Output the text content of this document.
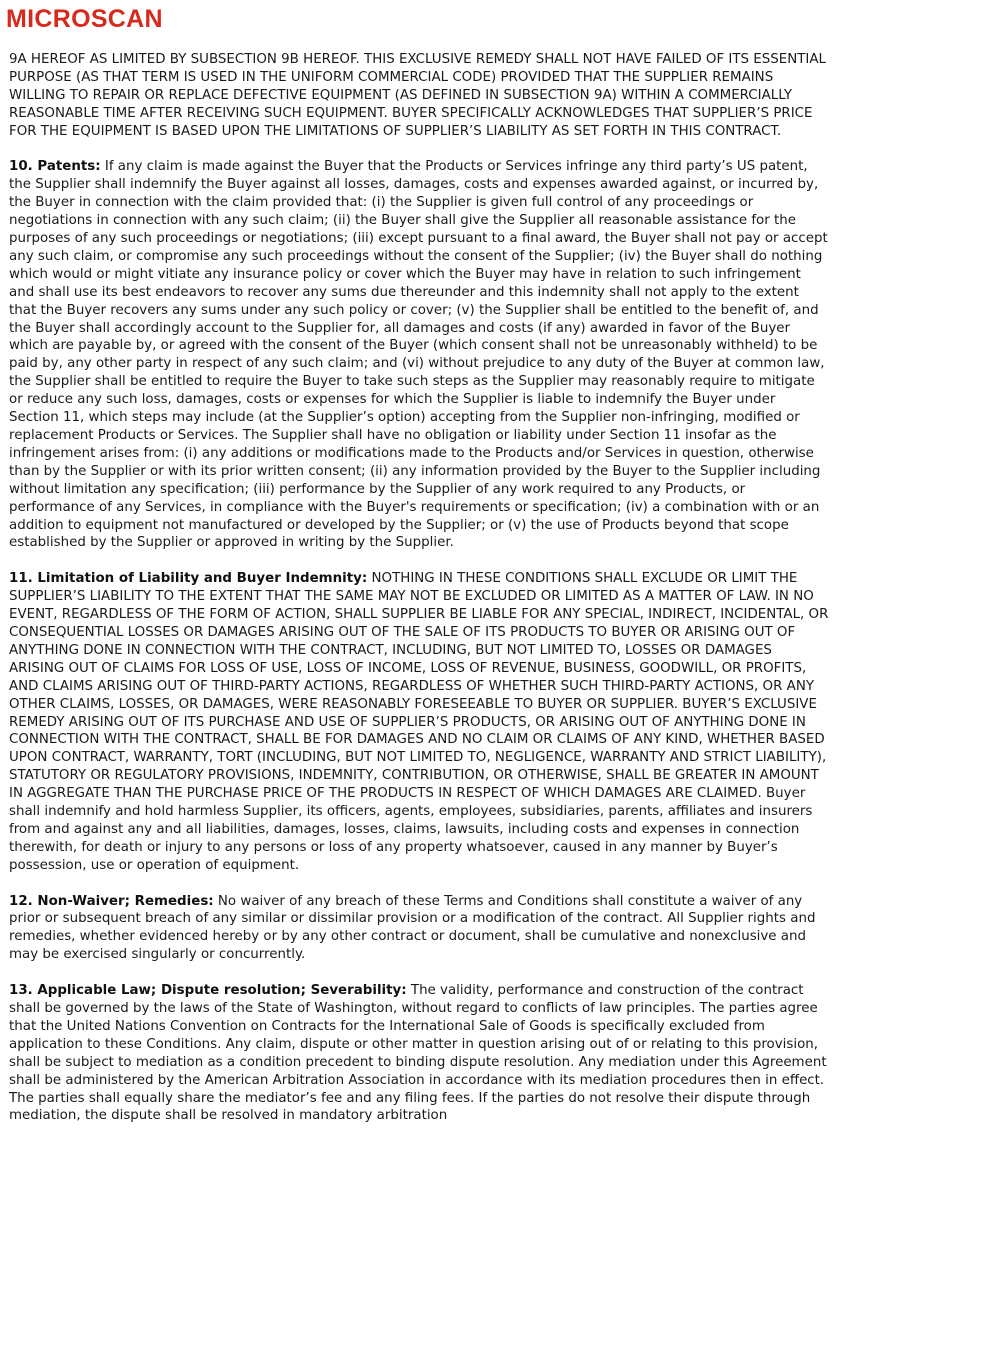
MICROSCAN

9A HEREOF AS LIMITED BY SUBSECTION 9B HEREOF. THIS EXCLUSIVE REMEDY SHALL NOT HAVE FAILED OF ITS ESSENTIAL PURPOSE (AS THAT TERM IS USED IN THE UNIFORM COMMERCIAL CODE) PROVIDED THAT THE SUPPLIER REMAINS WILLING TO REPAIR OR REPLACE DEFECTIVE EQUIPMENT (AS DEFINED IN SUBSECTION 9A) WITHIN A COMMERCIALLY REASONABLE TIME AFTER RECEIVING SUCH EQUIPMENT. BUYER SPECIFICALLY ACKNOWLEDGES THAT SUPPLIER’S PRICE FOR THE EQUIPMENT IS BASED UPON THE LIMITATIONS OF SUPPLIER’S LIABILITY AS SET FORTH IN THIS CONTRACT.

10. Patents: If any claim is made against the Buyer that the Products or Services infringe any third party’s US patent, the Supplier shall indemnify the Buyer against all losses, damages, costs and expenses awarded against, or incurred by, the Buyer in connection with the claim provided that: (i) the Supplier is given full control of any proceedings or negotiations in connection with any such claim; (ii) the Buyer shall give the Supplier all reasonable assistance for the purposes of any such proceedings or negotiations; (iii) except pursuant to a final award, the Buyer shall not pay or accept any such claim, or compromise any such proceedings without the consent of the Supplier; (iv) the Buyer shall do nothing which would or might vitiate any insurance policy or cover which the Buyer may have in relation to such infringement and shall use its best endeavors to recover any sums due thereunder and this indemnity shall not apply to the extent that the Buyer recovers any sums under any such policy or cover; (v) the Supplier shall be entitled to the benefit of, and the Buyer shall accordingly account to the Supplier for, all damages and costs (if any) awarded in favor of the Buyer which are payable by, or agreed with the consent of the Buyer (which consent shall not be unreasonably withheld) to be paid by, any other party in respect of any such claim; and (vi) without prejudice to any duty of the Buyer at common law, the Supplier shall be entitled to require the Buyer to take such steps as the Supplier may reasonably require to mitigate or reduce any such loss, damages, costs or expenses for which the Supplier is liable to indemnify the Buyer under Section 11, which steps may include (at the Supplier’s option) accepting from the Supplier non-infringing, modified or replacement Products or Services. The Supplier shall have no obligation or liability under Section 11 insofar as the infringement arises from: (i) any additions or modifications made to the Products and/or Services in question, otherwise than by the Supplier or with its prior written consent; (ii) any information provided by the Buyer to the Supplier including without limitation any specification; (iii) performance by the Supplier of any work required to any Products, or performance of any Services, in compliance with the Buyer's requirements or specification; (iv) a combination with or an addition to equipment not manufactured or developed by the Supplier; or (v) the use of Products beyond that scope established by the Supplier or approved in writing by the Supplier.

11. Limitation of Liability and Buyer Indemnity: NOTHING IN THESE CONDITIONS SHALL EXCLUDE OR LIMIT THE SUPPLIER’S LIABILITY TO THE EXTENT THAT THE SAME MAY NOT BE EXCLUDED OR LIMITED AS A MATTER OF LAW. IN NO EVENT, REGARDLESS OF THE FORM OF ACTION, SHALL SUPPLIER BE LIABLE FOR ANY SPECIAL, INDIRECT, INCIDENTAL, OR CONSEQUENTIAL LOSSES OR DAMAGES ARISING OUT OF THE SALE OF ITS PRODUCTS TO BUYER OR ARISING OUT OF ANYTHING DONE IN CONNECTION WITH THE CONTRACT, INCLUDING, BUT NOT LIMITED TO, LOSSES OR DAMAGES ARISING OUT OF CLAIMS FOR LOSS OF USE, LOSS OF INCOME, LOSS OF REVENUE, BUSINESS, GOODWILL, OR PROFITS, AND CLAIMS ARISING OUT OF THIRD-PARTY ACTIONS, REGARDLESS OF WHETHER SUCH THIRD-PARTY ACTIONS, OR ANY OTHER CLAIMS, LOSSES, OR DAMAGES, WERE REASONABLY FORESEEABLE TO BUYER OR SUPPLIER. BUYER’S EXCLUSIVE REMEDY ARISING OUT OF ITS PURCHASE AND USE OF SUPPLIER’S PRODUCTS, OR ARISING OUT OF ANYTHING DONE IN CONNECTION WITH THE CONTRACT, SHALL BE FOR DAMAGES AND NO CLAIM OR CLAIMS OF ANY KIND, WHETHER BASED UPON CONTRACT, WARRANTY, TORT (INCLUDING, BUT NOT LIMITED TO, NEGLIGENCE, WARRANTY AND STRICT LIABILITY), STATUTORY OR REGULATORY PROVISIONS, INDEMNITY, CONTRIBUTION, OR OTHERWISE, SHALL BE GREATER IN AMOUNT IN AGGREGATE THAN THE PURCHASE PRICE OF THE PRODUCTS IN RESPECT OF WHICH DAMAGES ARE CLAIMED. Buyer shall indemnify and hold harmless Supplier, its officers, agents, employees, subsidiaries, parents, affiliates and insurers from and against any and all liabilities, damages, losses, claims, lawsuits, including costs and expenses in connection therewith, for death or injury to any persons or loss of any property whatsoever, caused in any manner by Buyer’s possession, use or operation of equipment.

12. Non-Waiver; Remedies: No waiver of any breach of these Terms and Conditions shall constitute a waiver of any prior or subsequent breach of any similar or dissimilar provision or a modification of the contract. All Supplier rights and remedies, whether evidenced hereby or by any other contract or document, shall be cumulative and nonexclusive and may be exercised singularly or concurrently.

13. Applicable Law; Dispute resolution; Severability: The validity, performance and construction of the contract shall be governed by the laws of the State of Washington, without regard to conflicts of law principles. The parties agree that the United Nations Convention on Contracts for the International Sale of Goods is specifically excluded from application to these Conditions. Any claim, dispute or other matter in question arising out of or relating to this provision, shall be subject to mediation as a condition precedent to binding dispute resolution. Any mediation under this Agreement shall be administered by the American Arbitration Association in accordance with its mediation procedures then in effect. The parties shall equally share the mediator’s fee and any filing fees. If the parties do not resolve their dispute through mediation, the dispute shall be resolved in mandatory arbitration
